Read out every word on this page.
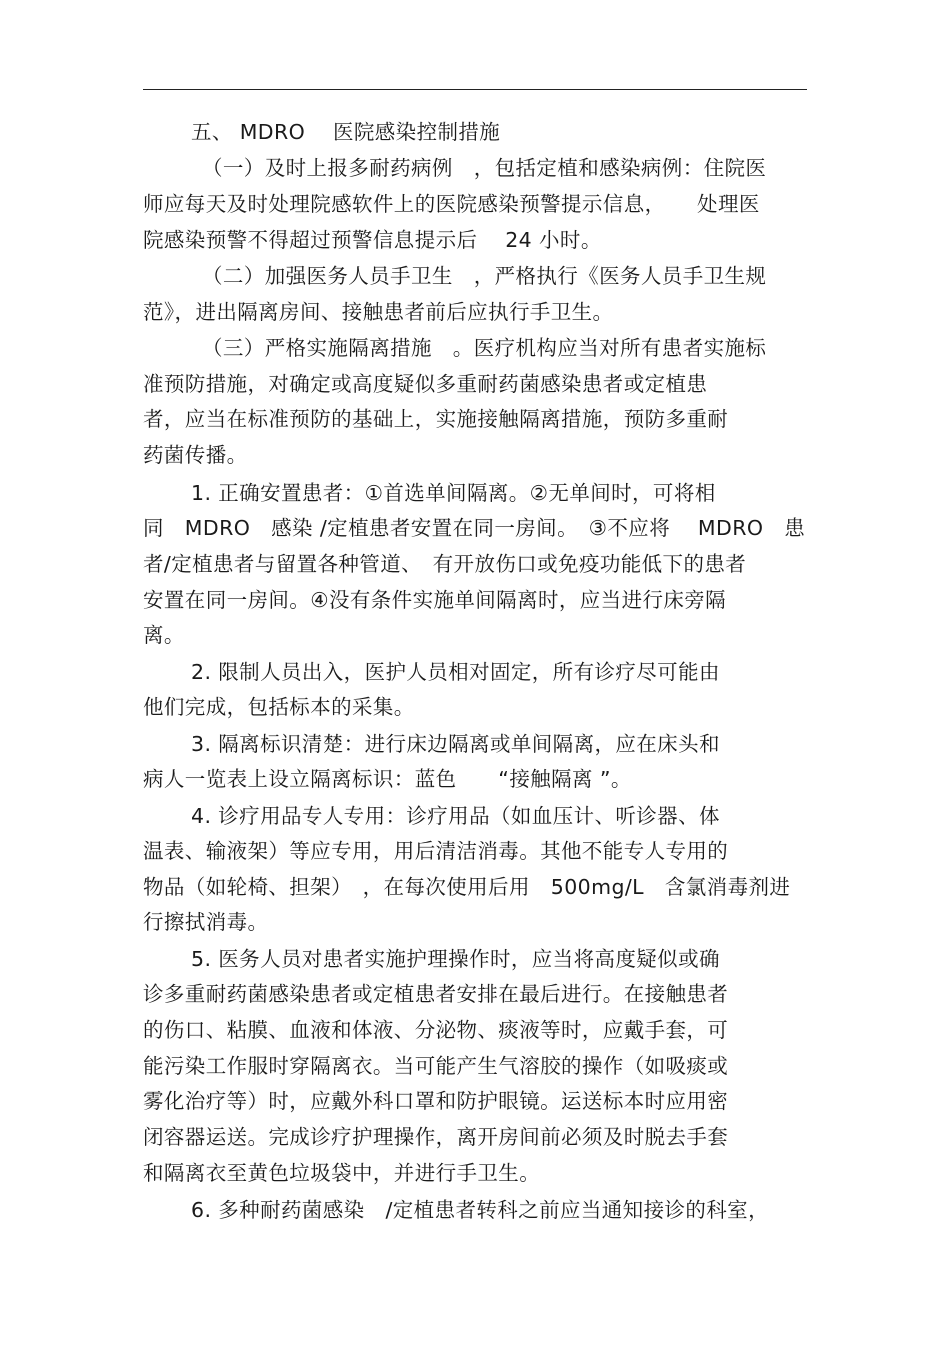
五、 MDRO　 医院感染控制措施
（一）及时上报多耐药病例　，包括定植和感染病例：住院医
师应每天及时处理院感软件上的医院感染预警提示信息，　　处理医
院感染预警不得超过预警信息提示后　 24 小时。
（二）加强医务人员手卫生　，严格执行《医务人员手卫生规
范》，进出隔离房间、接触患者前后应执行手卫生。
（三）严格实施隔离措施　。医疗机构应当对所有患者实施标
准预防措施，对确定或高度疑似多重耐药菌感染患者或定植患
者，应当在标准预防的基础上，实施接触隔离措施，预防多重耐
药菌传播。
1. 正确安置患者：①首选单间隔离。②无单间时，可将相
同　MDRO　感染 /定植患者安置在同一房间。　③不应将　 MDRO　患
者/定植患者与留置各种管道、　有开放伤口或免疫功能低下的患者
安置在同一房间。④没有条件实施单间隔离时，应当进行床旁隔
离。
2. 限制人员出入，医护人员相对固定，所有诊疗尽可能由
他们完成，包括标本的采集。
3. 隔离标识清楚：进行床边隔离或单间隔离，应在床头和
病人一览表上设立隔离标识：蓝色　　“接触隔离 ”。
4. 诊疗用品专人专用：诊疗用品（如血压计、听诊器、体
温表、输液架）等应专用，用后清洁消毒。其他不能专人专用的
物品（如轮椅、担架）　，在每次使用后用　500mg/L　含氯消毒剂进
行擦拭消毒。
5. 医务人员对患者实施护理操作时，应当将高度疑似或确
诊多重耐药菌感染患者或定植患者安排在最后进行。在接触患者
的伤口、粘膜、血液和体液、分泌物、痰液等时，应戴手套，可
能污染工作服时穿隔离衣。当可能产生气溶胶的操作（如吸痰或
雾化治疗等）时，应戴外科口罩和防护眼镜。运送标本时应用密
闭容器运送。完成诊疗护理操作，离开房间前必须及时脱去手套
和隔离衣至黄色垃圾袋中，并进行手卫生。
6. 多种耐药菌感染　/定植患者转科之前应当通知接诊的科室，
